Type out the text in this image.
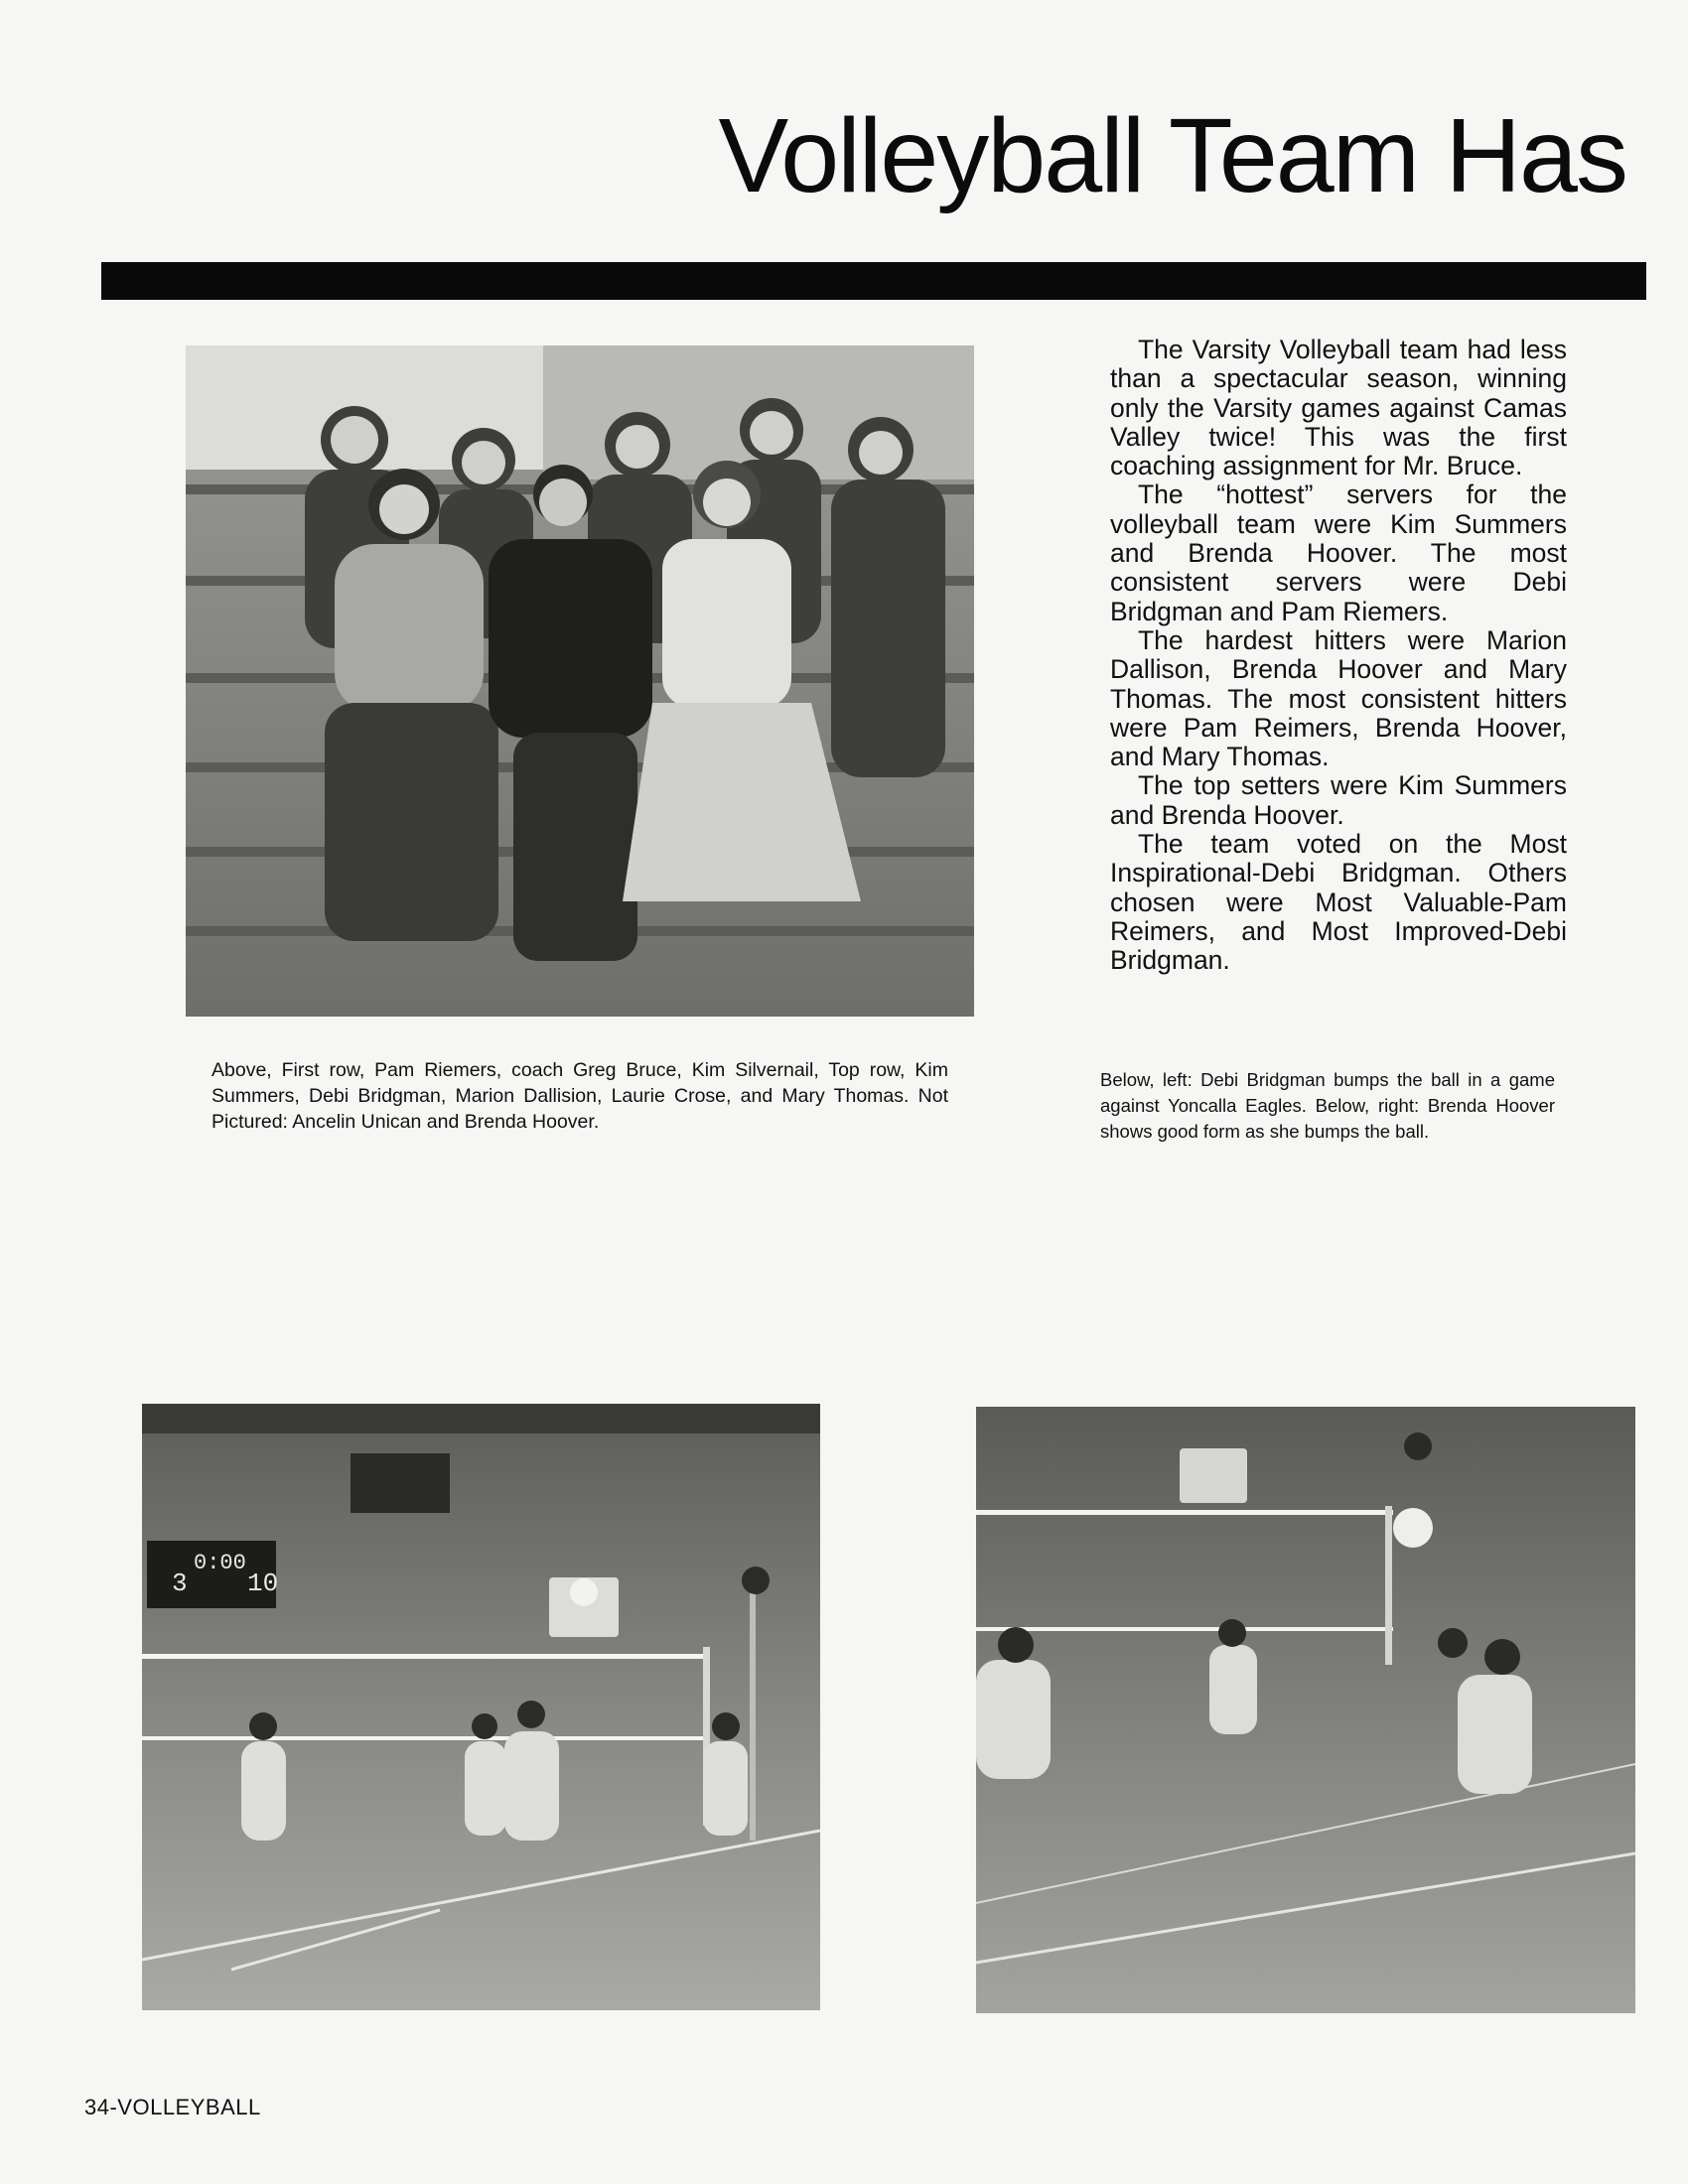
Volleyball Team Has

The Varsity Volleyball team had less than a spectacular season, winning only the Varsity games against Camas Valley twice! This was the first coaching assignment for Mr. Bruce.

The “hottest” servers for the volleyball team were Kim Summers and Brenda Hoover. The most consistent servers were Debi Bridgman and Pam Riemers.

The hardest hitters were Marion Dallison, Brenda Hoover and Mary Thomas. The most consistent hitters were Pam Reimers, Brenda Hoover, and Mary Thomas.

The top setters were Kim Summers and Brenda Hoover.

The team voted on the Most Inspirational-Debi Bridgman. Others chosen were Most Valuable-Pam Reimers, and Most Improved-Debi Bridgman.

Above, First row, Pam Riemers, coach Greg Bruce, Kim Silvernail, Top row, Kim Summers, Debi Bridgman, Marion Dallision, Laurie Crose, and Mary Thomas. Not Pictured: Ancelin Unican and Brenda Hoover.
Below, left: Debi Bridgman bumps the ball in a game against Yoncalla Eagles. Below, right: Brenda Hoover shows good form as she bumps the ball.
3
0:00
10
34-VOLLEYBALL
